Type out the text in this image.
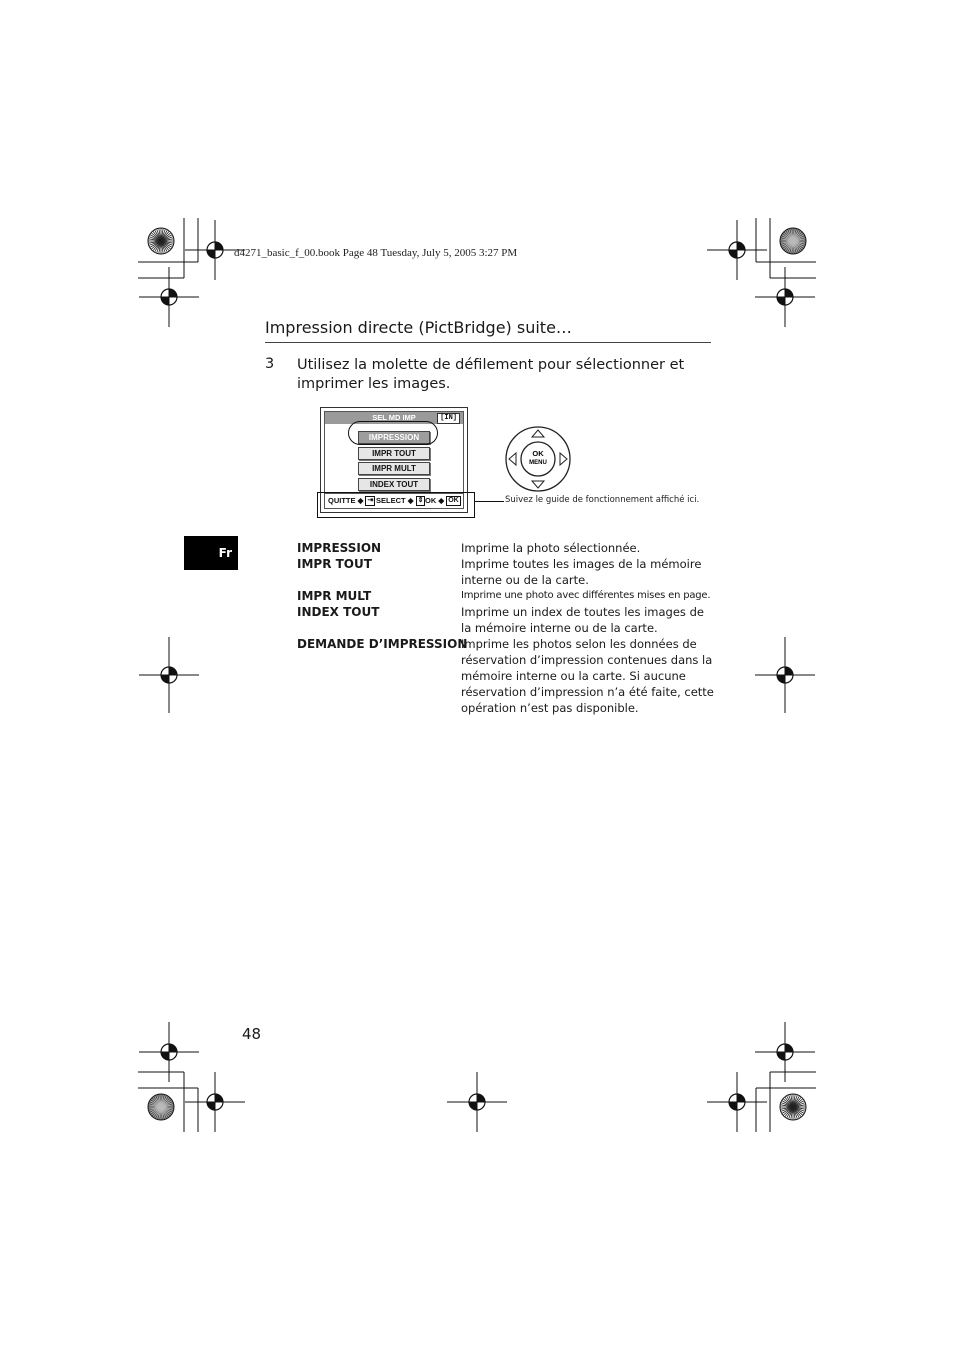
d4271_basic_f_00.book Page 48 Tuesday, July 5, 2005 3:27 PM
Impression directe (PictBridge) suite…
3 Utilisez la molette de défilement pour sélectionner et imprimer les images.
SEL MD IMP	[IN]
IMPRESSION
IMPR TOUT
IMPR MULT
INDEX TOUT
QUITTE ◆ ⇥ SELECT ◆ ⇕ OK ◆ OK	Suivez le guide de fonctionnement affiché ici.
OK
MENU
Fr	IMPRESSION	Imprime la photo sélectionnée.
IMPR TOUT	Imprime toutes les images de la mémoire interne ou de la carte.
IMPR MULT	Imprime une photo avec différentes mises en page.
INDEX TOUT	Imprime un index de toutes les images de la mémoire interne ou de la carte.
DEMANDE D’IMPRESSION
Imprime les photos selon les données de réservation d’impression contenues dans la mémoire interne ou la carte. Si aucune réservation d’impression n’a été faite, cette opération n’est pas disponible.
48
